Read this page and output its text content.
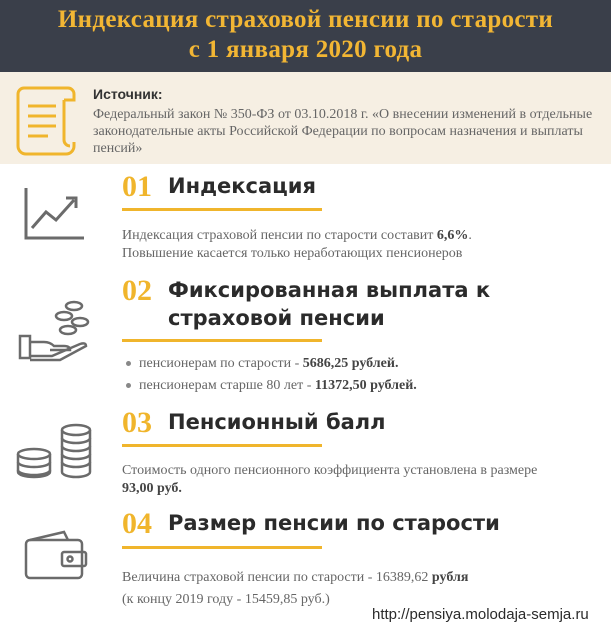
Индексация страховой пенсии по старости
с 1 января 2020 года
Источник:
Федеральный закон № 350-ФЗ от 03.10.2018 г. «О внесении изменений в отдельные законодательные акты Российской Федерации по вопросам назначения и выплаты пенсий»
01 Индексация
Индексация страховой пенсии по старости составит 6,6%.
Повышение касается только неработающих пенсионеров
02 Фиксированная выплата к
страховой пенсии
пенсионерам по старости - 5686,25 рублей.
пенсионерам старше 80 лет - 11372,50 рублей.
03 Пенсионный балл
Стоимость одного пенсионного коэффициента установлена в размере
93,00 руб.
04 Размер пенсии по старости
Величина страховой пенсии по старости - 16389,62 рубля
(к концу 2019 году - 15459,85 руб.)
http://pensiya.molodaja-semja.ru
